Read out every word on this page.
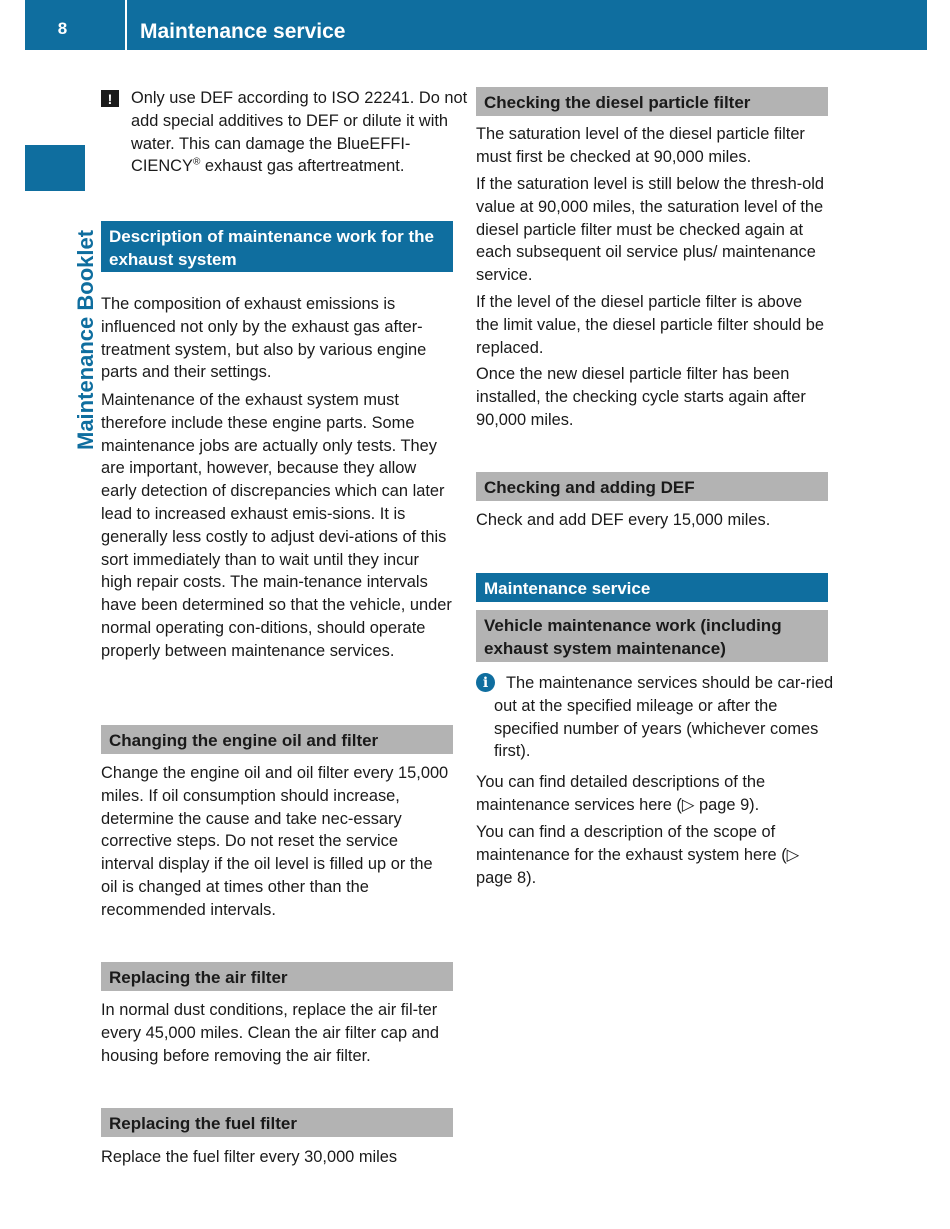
8	Maintenance service
Maintenance Booklet
!	Only use DEF according to ISO 22241. Do not add special additives to DEF or dilute it with water. This can damage the BlueEFFI-CIENCY® exhaust gas aftertreatment.

Description of maintenance work for the exhaust system

The composition of exhaust emissions is influenced not only by the exhaust gas after-treatment system, but also by various engine parts and their settings.

Maintenance of the exhaust system must therefore include these engine parts. Some maintenance jobs are actually only tests. They are important, however, because they allow early detection of discrepancies which can later lead to increased exhaust emis-sions. It is generally less costly to adjust devi-ations of this sort immediately than to wait until they incur high repair costs. The main-tenance intervals have been determined so that the vehicle, under normal operating con-ditions, should operate properly between maintenance services.

Changing the engine oil and filter

Change the engine oil and oil filter every 15,000 miles. If oil consumption should increase, determine the cause and take nec-essary corrective steps. Do not reset the service interval display if the oil level is filled up or the oil is changed at times other than the recommended intervals.

Replacing the air filter

In normal dust conditions, replace the air fil-ter every 45,000 miles. Clean the air filter cap and housing before removing the air filter.

Replacing the fuel filter

Replace the fuel filter every 30,000 miles

Checking the diesel particle filter

The saturation level of the diesel particle filter must first be checked at 90,000 miles.

If the saturation level is still below the thresh-old value at 90,000 miles, the saturation level of the diesel particle filter must be checked again at each subsequent oil service plus/ maintenance service.

If the level of the diesel particle filter is above the limit value, the diesel particle filter should be replaced.

Once the new diesel particle filter has been installed, the checking cycle starts again after 90,000 miles.

Checking and adding DEF

Check and add DEF every 15,000 miles.

Maintenance service
Vehicle maintenance work (including exhaust system maintenance)
i	The maintenance services should be car-ried out at the specified mileage or after the specified number of years (whichever comes first).

You can find detailed descriptions of the maintenance services here (▷ page 9).

You can find a description of the scope of maintenance for the exhaust system here (▷ page 8).
